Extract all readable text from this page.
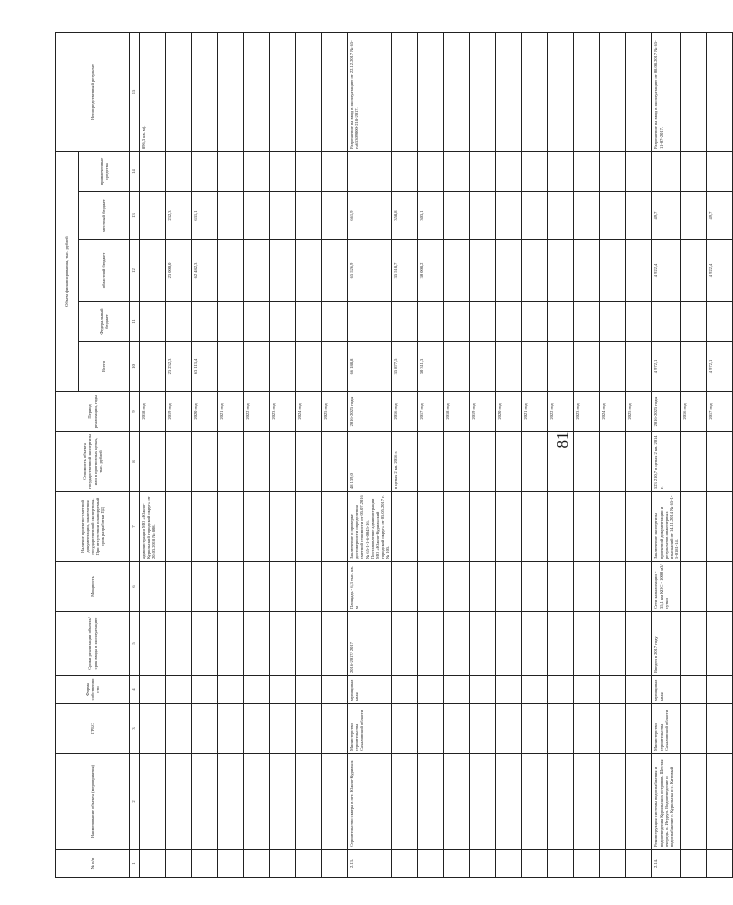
81
№ п/п	Наименование объекта (мероприятия)	ГРБС	Форма собственности	Сроки реализации объекта/ срок ввода в эксплуатацию	Мощность	Наличие проектно-сметной документации, заключения государственной экспертизы. При отсутствии планируемый срок разработки ПД	Стоимость объекта государственной экспертизы или в прогнозных ценах, тыс. рублей	Период реализации, годы	Объем финансирования, тыс. рублей					Непосредственный результат
									Всего	Федеральный бюджет	областной бюджет	местный бюджет	привлеченные средства	
1	2	3	4	5	6	7	8	9	10	11	12	13	14	15
						администрации МО «Южно-Курильский городской округ» от 20.03.2018 № 808.		2018 год						896,3 кв. м).
								2019 год	23 232,3		23 000,0	232,3		
								2020 год	63 113,4		62 482,3	631,1		
								2021 год						
								2022 год						
								2023 год						
								2024 год						
								2025 год						
2.13.	Строительство сквера в пгт. Южно-Курильск	Министерство строительства Сахалинской области	муниципальная	2016-2017/ 2017	Площадь - 6,3 тыс. кв. м	Заключение о проверке достоверности определения сметной стоимости от 05.07.2016 № 65-1-1-6-0045-16. Постановление администрации МО «Южно-Курильский городской округ» от 05.05.2017 г. № 105.	48 139,0	2016-2025 годы	66 188,8		65 526,9	661,9		Разрешение на ввод в эксплуатацию от 22.12.2017 № 65-ru65309000-218-2017.
							в ценах 2 кв. 2016 г.	2016 год	35 877,5		35 518,7	358,8		
								2017 год	30 311,3		30 008,2	303,1		
								2018 год						
								2019 год						
								2020 год						
								2021 год						
								2022 год						
								2023 год						
								2024 год						
								2025 год						
2.14.	Реконструкция системы водоснабжения и водоотведения Курильских островов. Шестая очередь. о. Итуруп. Водоотведение и водоснабжение г. Курильска и с. Китовый	Министерство строительства Сахалинской области	муниципальная	Введен в 2017 году	Сети канализации - 35,1 км КОС - 1000 м3/сутки	Заключение экспертизы проектной документации и результатов инженерных изысканий от 14.11.2014 № 65-1-5-0181-14.	523 210,7 в ценах 2 кв. 2014 г.	2016-2025 годы	4 972,1		4 922,4	49,7		Разрешение на ввод в эксплуатацию от 08.08.2017 № 65-11-07-2017.
								2016 год						
								2017 год	4 972,1		4 922,4	49,7		
